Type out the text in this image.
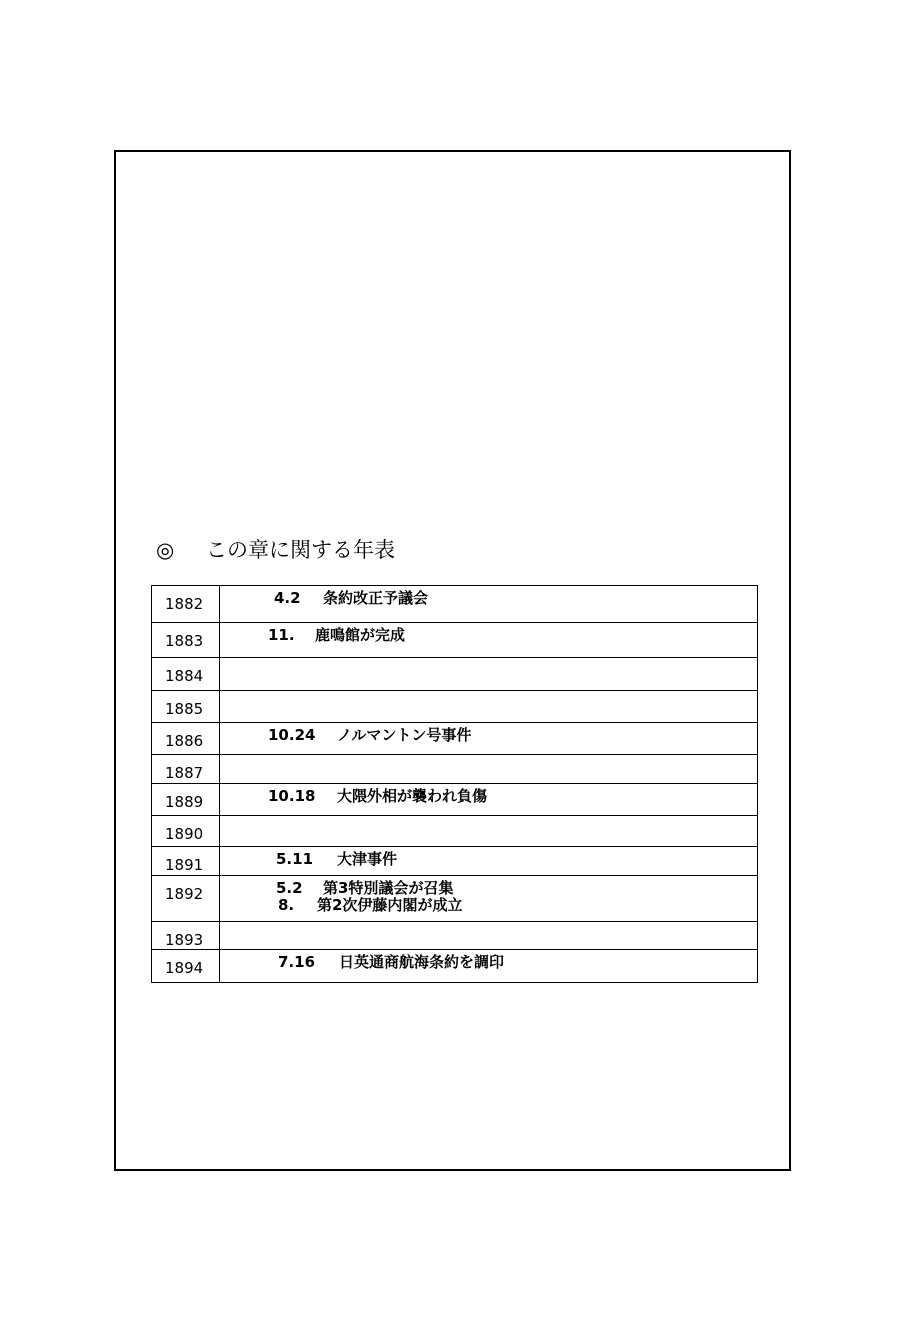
◎ この章に関する年表
1882	4.2 条約改正予議会

1883	11. 鹿鳴館が完成

1884	
1885	
1886	10.24 ノルマントン号事件

1887	
1889	10.18 大隈外相が襲われ負傷

1890	
1891	5.11 大津事件

1892	5.2 第3特別議会が召集
8. 第2次伊藤内閣が成立

1893	
1894	7.16 日英通商航海条約を調印
